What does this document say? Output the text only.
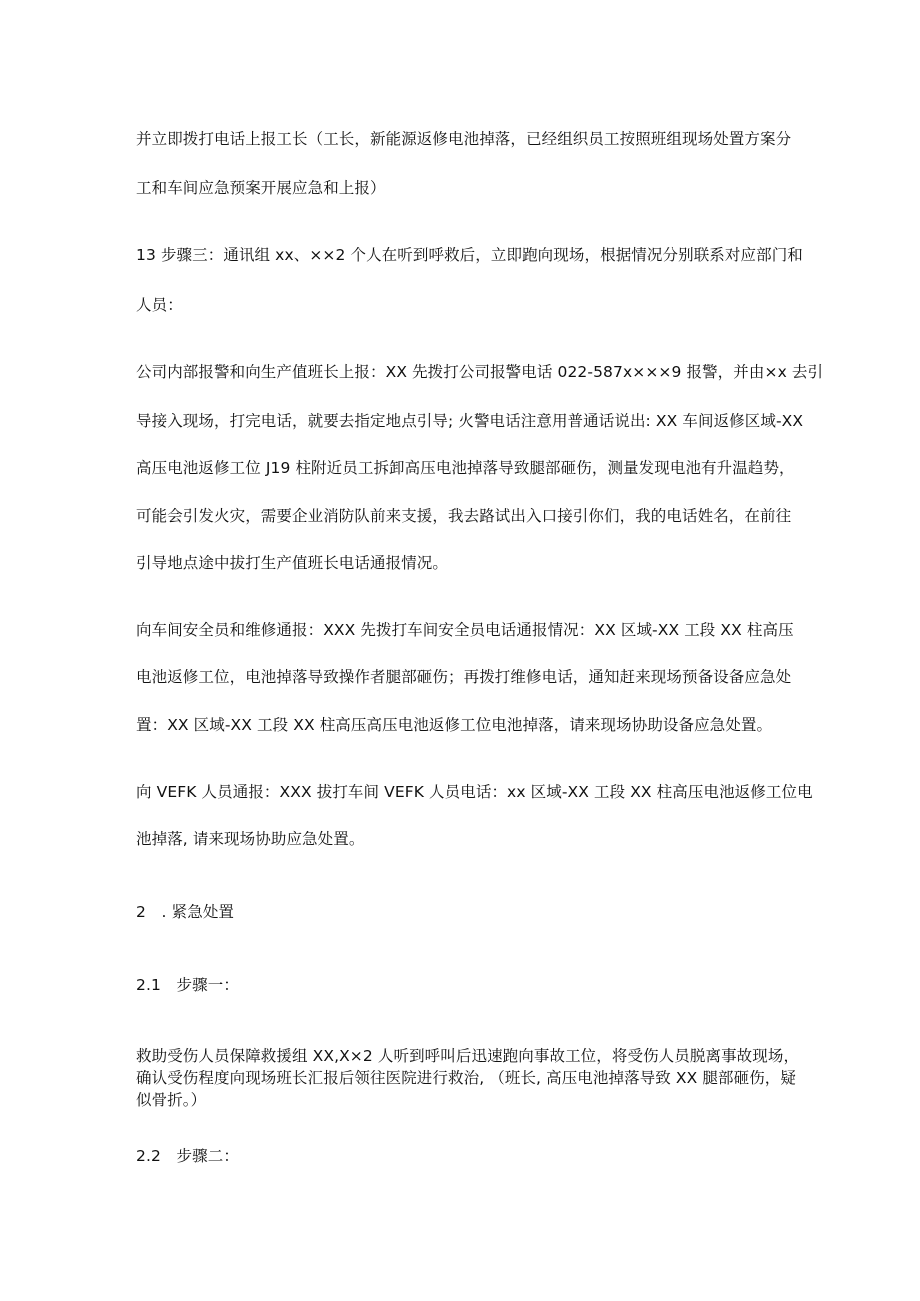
并立即拨打电话上报工长（工长，新能源返修电池掉落，已经组织员工按照班组现场处置方案分
工和车间应急预案开展应急和上报）
13 步骤三：通讯组 xx、××2 个人在听到呼救后，立即跑向现场，根据情况分别联系对应部门和
人员：
公司内部报警和向生产值班长上报：XX 先拨打公司报警电话 022-587x×××9 报警，并由×x 去引
导接入现场，打完电话，就要去指定地点引导; 火警电话注意用普通话说出: XX 车间返修区域-XX
高压电池返修工位 J19 柱附近员工拆卸高压电池掉落导致腿部砸伤，测量发现电池有升温趋势，
可能会引发火灾，需要企业消防队前来支援，我去路试出入口接引你们，我的电话姓名，在前往
引导地点途中拔打生产值班长电话通报情况。
向车间安全员和维修通报：XXX 先拨打车间安全员电话通报情况：XX 区域-XX 工段 XX 柱高压
电池返修工位，电池掉落导致操作者腿部砸伤；再拨打维修电话，通知赶来现场预备设备应急处
置：XX 区域-XX 工段 XX 柱高压高压电池返修工位电池掉落，请来现场协助设备应急处置。
向 VEFK 人员通报：XXX 拔打车间 VEFK 人员电话：xx 区域-XX 工段 XX 柱高压电池返修工位电
池掉落, 请来现场协助应急处置。
2　. 紧急处置
2.1　步骤一：
救助受伤人员保障救援组 XX,X×2 人听到呼叫后迅速跑向事故工位，将受伤人员脱离事故现场，
确认受伤程度向现场班长汇报后领往医院进行救治, （班长, 高压电池掉落导致 XX 腿部砸伤，疑
似骨折。）
2.2　步骤二：
